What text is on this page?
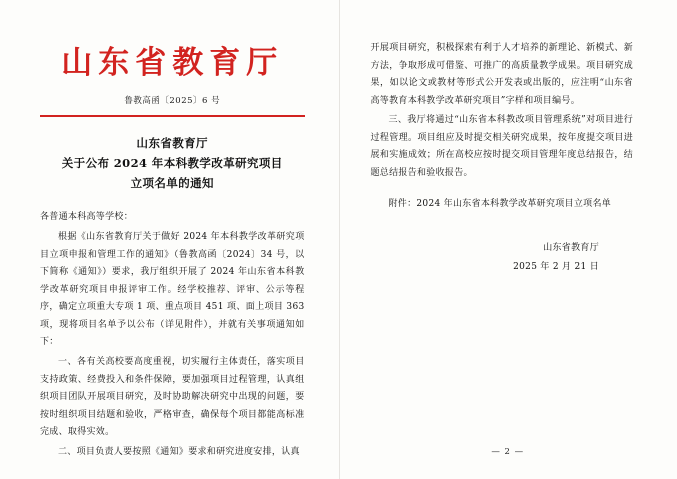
山东省教育厅
鲁教高函〔2025〕6 号
山东省教育厅
关于公布 2024 年本科教学改革研究项目
立项名单的通知
各普通本科高等学校：

根据《山东省教育厅关于做好 2024 年本科教学改革研究项目立项申报和管理工作的通知》（鲁教高函〔2024〕34 号，以下简称《通知》）要求，我厅组织开展了 2024 年山东省本科教学改革研究项目申报评审工作。经学校推荐、评审、公示等程序，确定立项重大专项 1 项、重点项目 451 项、面上项目 363 项，现将项目名单予以公布（详见附件），并就有关事项通知如下：

一、各有关高校要高度重视，切实履行主体责任，落实项目支持政策、经费投入和条件保障，要加强项目过程管理，认真组织项目团队开展项目研究，及时协助解决研究中出现的问题，要按时组织项目结题和验收，严格审查，确保每个项目都能高标准完成、取得实效。

二、项目负责人要按照《通知》要求和研究进度安排，认真

开展项目研究，积极探索有利于人才培养的新理论、新模式、新方法，争取形成可借鉴、可推广的高质量教学成果。项目研究成果，如以论文或教材等形式公开发表或出版的，应注明“山东省高等教育本科教学改革研究项目”字样和项目编号。

三、我厅将通过“山东省本科教改项目管理系统”对项目进行过程管理。项目组应及时提交相关研究成果，按年度提交项目进展和实施成效；所在高校应按时提交项目管理年度总结报告，结题总结报告和验收报告。

附件：2024 年山东省本科教学改革研究项目立项名单
山东省教育厅
2025 年 2 月 21 日
— 2 —
